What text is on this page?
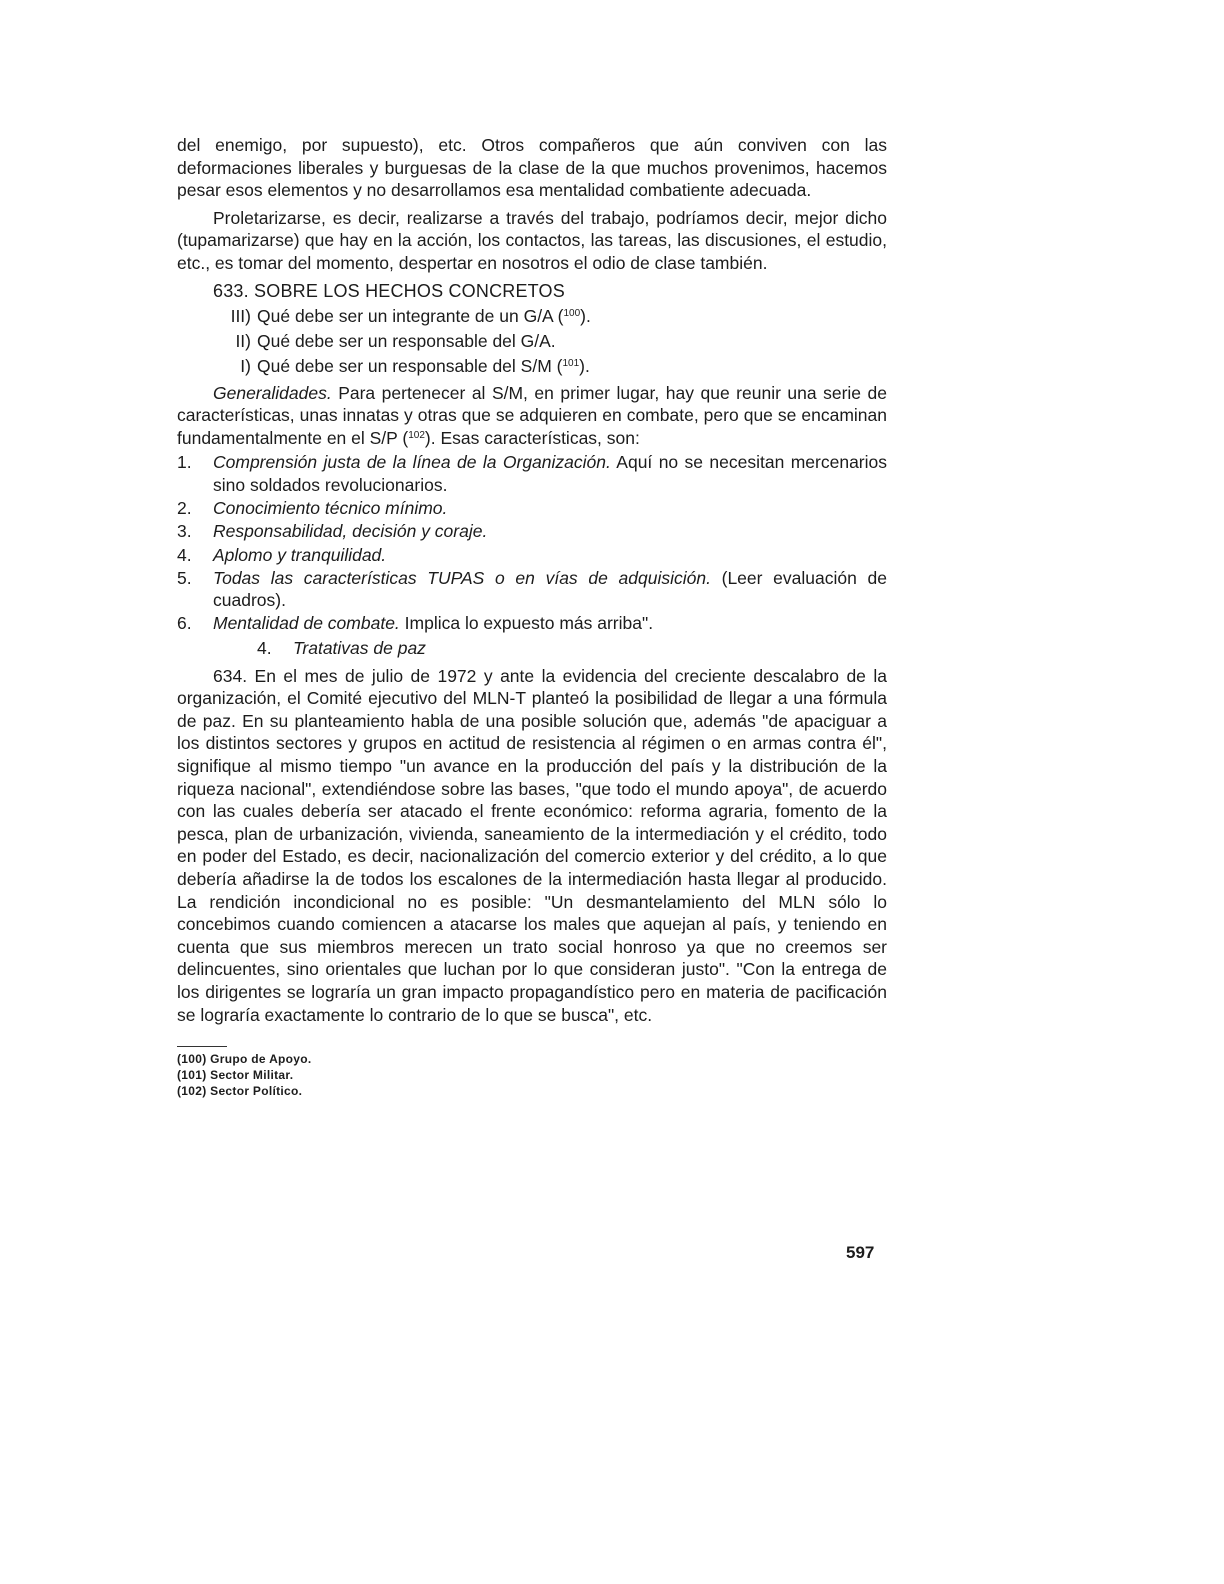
del enemigo, por supuesto), etc. Otros compañeros que aún conviven con las deformaciones liberales y burguesas de la clase de la que muchos provenimos, hacemos pesar esos elementos y no desarrollamos esa mentalidad combatiente adecuada.

Proletarizarse, es decir, realizarse a través del trabajo, podríamos decir, mejor dicho (tupamarizarse) que hay en la acción, los contactos, las tareas, las discusiones, el estudio, etc., es tomar del momento, despertar en nosotros el odio de clase también.

633. SOBRE LOS HECHOS CONCRETOS
III) Qué debe ser un integrante de un G/A ($^{100}$).
II) Qué debe ser un responsable del G/A.
I) Qué debe ser un responsable del S/M ($^{101}$).

Generalidades. Para pertenecer al S/M, en primer lugar, hay que reunir una serie de características, unas innatas y otras que se adquieren en combate, pero que se encaminan fundamentalmente en el S/P ($^{102}$). Esas características, son:

1.	Comprensión justa de la línea de la Organización. Aquí no se necesitan mercenarios sino soldados revolucionarios.
2.	Conocimiento técnico mínimo.
3.	Responsabilidad, decisión y coraje.
4.	Aplomo y tranquilidad.
5.	Todas las características TUPAS o en vías de adquisición. (Leer evaluación de cuadros).
6.	Mentalidad de combate. Implica lo expuesto más arriba".
4. Tratativas de paz

634. En el mes de julio de 1972 y ante la evidencia del creciente descalabro de la organización, el Comité ejecutivo del MLN-T planteó la posibilidad de llegar a una fórmula de paz. En su planteamiento habla de una posible solución que, además "de apaciguar a los distintos sectores y grupos en actitud de resistencia al régimen o en armas contra él", signifique al mismo tiempo "un avance en la producción del país y la distribución de la riqueza nacional", extendiéndose sobre las bases, "que todo el mundo apoya", de acuerdo con las cuales debería ser atacado el frente económico: reforma agraria, fomento de la pesca, plan de urbanización, vivienda, saneamiento de la intermediación y el crédito, todo en poder del Estado, es decir, nacionalización del comercio exterior y del crédito, a lo que debería añadirse la de todos los escalones de la intermediación hasta llegar al producido. La rendición incondicional no es posible: "Un desmantelamiento del MLN sólo lo concebimos cuando comiencen a atacarse los males que aquejan al país, y teniendo en cuenta que sus miembros merecen un trato social honroso ya que no creemos ser delincuentes, sino orientales que luchan por lo que consideran justo". "Con la entrega de los dirigentes se lograría un gran impacto propagandístico pero en materia de pacificación se lograría exactamente lo contrario de lo que se busca", etc.

(100) Grupo de Apoyo.
(101) Sector Militar.
(102) Sector Político.
597
